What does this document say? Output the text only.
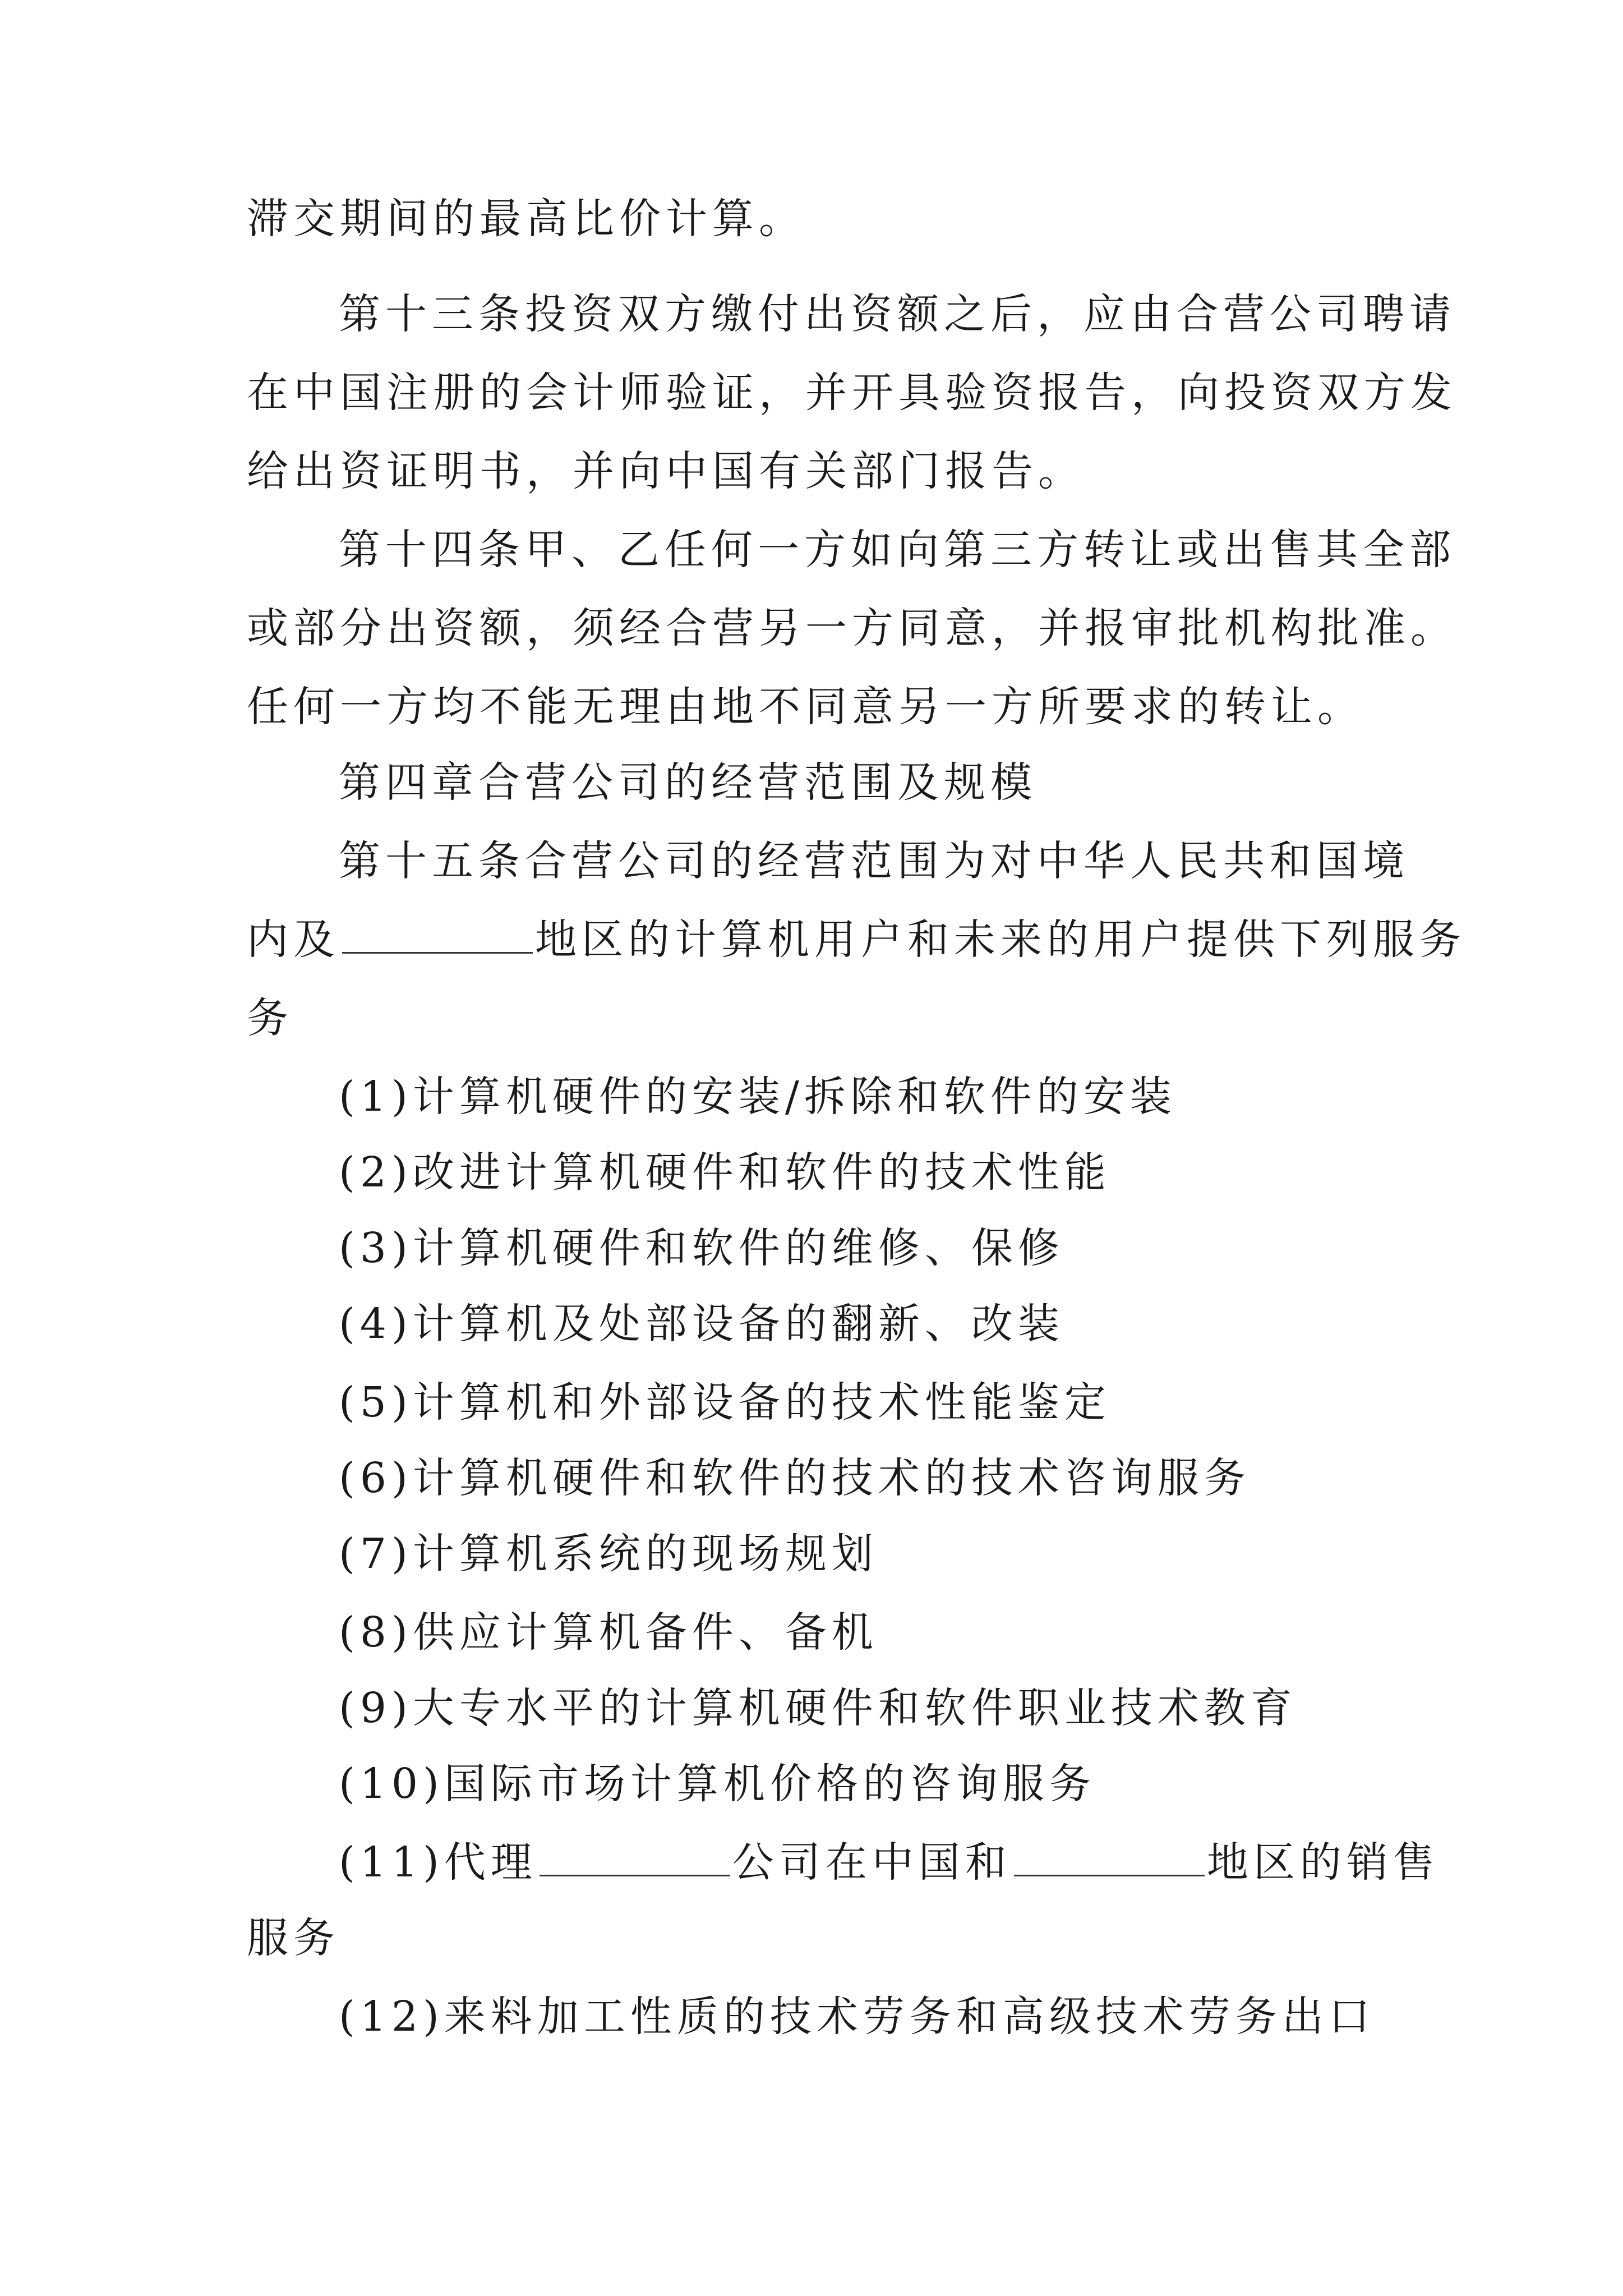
滞交期间的最高比价计算。
第十三条投资双方缴付出资额之后，应由合营公司聘请
在中国注册的会计师验证，并开具验资报告，向投资双方发
给出资证明书，并向中国有关部门报告。
第十四条甲、乙任何一方如向第三方转让或出售其全部
或部分出资额，须经合营另一方同意，并报审批机构批准。
任何一方均不能无理由地不同意另一方所要求的转让。
第四章合营公司的经营范围及规模
第十五条合营公司的经营范围为对中华人民共和国境
内及	地区的计算机用户和未来的用户提供下列服务
务
(1)计算机硬件的安装/拆除和软件的安装
(2)改进计算机硬件和软件的技术性能
(3)计算机硬件和软件的维修、保修
(4)计算机及处部设备的翻新、改装
(5)计算机和外部设备的技术性能鉴定
(6)计算机硬件和软件的技术的技术咨询服务
(7)计算机系统的现场规划
(8)供应计算机备件、备机
(9)大专水平的计算机硬件和软件职业技术教育
(10)国际市场计算机价格的咨询服务
(11)代理	公司在中国和	地区的销售
服务
(12)来料加工性质的技术劳务和高级技术劳务出口
